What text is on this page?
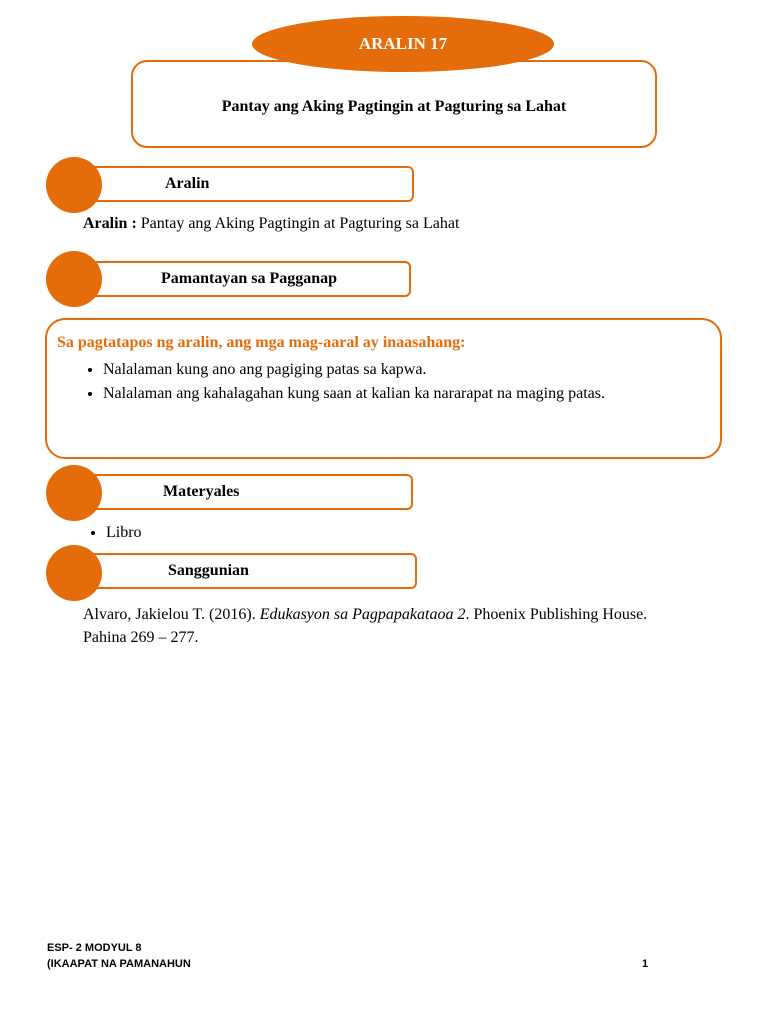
ARALIN 17
Pantay ang Aking Pagtingin at Pagturing sa Lahat
Aralin
Aralin : Pantay ang Aking Pagtingin at Pagturing sa Lahat
Pamantayan sa Pagganap
Sa pagtatapos ng aralin, ang mga mag-aaral ay inaasahang:
• Nalalaman kung ano ang pagiging patas sa kapwa.
• Nalalaman ang kahalagahan kung saan at kalian ka nararapat na maging patas.
Materyales
• Libro
Sanggunian
Alvaro, Jakielou T. (2016). Edukasyon sa Pagpapakataoa 2. Phoenix Publishing House.
Pahina 269 – 277.
ESP- 2 MODYUL 8
(IKAAPAT NA PAMANAHUN	1
